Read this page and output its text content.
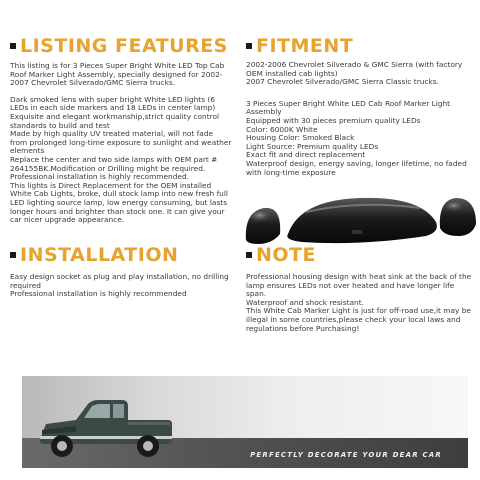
LISTING FEATURES

This listing is for 3 Pieces Super Bright White LED Top Cab Roof Marker Light Assembly, specially designed for 2002-2007 Chevrolet Silverado/GMC Sierra trucks.

Dark smoked lens with super bright White LED lights (6 LEDs in each side markers and 18 LEDs in center lamp)

Exquisite and elegant workmanship,strict quality control standards to build and test

Made by high quality UV treated material, will not fade from prolonged long-time exposure to sunlight and weather elements

Replace the center and two side lamps with OEM part # 264155BK.Modification or Drilling might be required. Professional installation is highly recommended.

This lights is Direct Replacement for the OEM installed White Cab Lights, broke, dull stock lamp into new fresh full LED lighting source lamp, low energy consuming, but lasts longer hours and brighter than stock one. It can give your car nicer upgrade appearance.

FITMENT

2002-2006 Chevrolet Silverado & GMC Sierra (with factory OEM installed cab lights)

2007 Chevrolet Silverado/GMC Sierra Classic trucks.

3 Pieces Super Bright White LED Cab Roof Marker Light Assembly

Equipped with 30 pieces premium quality LEDs

Color: 6000K White

Housing Color: Smoked Black

Light Source: Premium quality LEDs

Exact fit and direct replacement

Waterproof design, energy saving, longer lifetime, no faded with long-time exposure

INSTALLATION

Easy design socket as plug and play installation, no drilling required

Professional installation is highly recommended

NOTE

Professional housing design with heat sink at the back of the lamp ensures LEDs not over heated and have longer life span.

Waterproof and shock resistant.

This White Cab Marker Light is just for off-road use,it may be illegal in some countries,please check your local laws and regulations before Purchasing!

PERFECTLY DECORATE YOUR DEAR CAR
